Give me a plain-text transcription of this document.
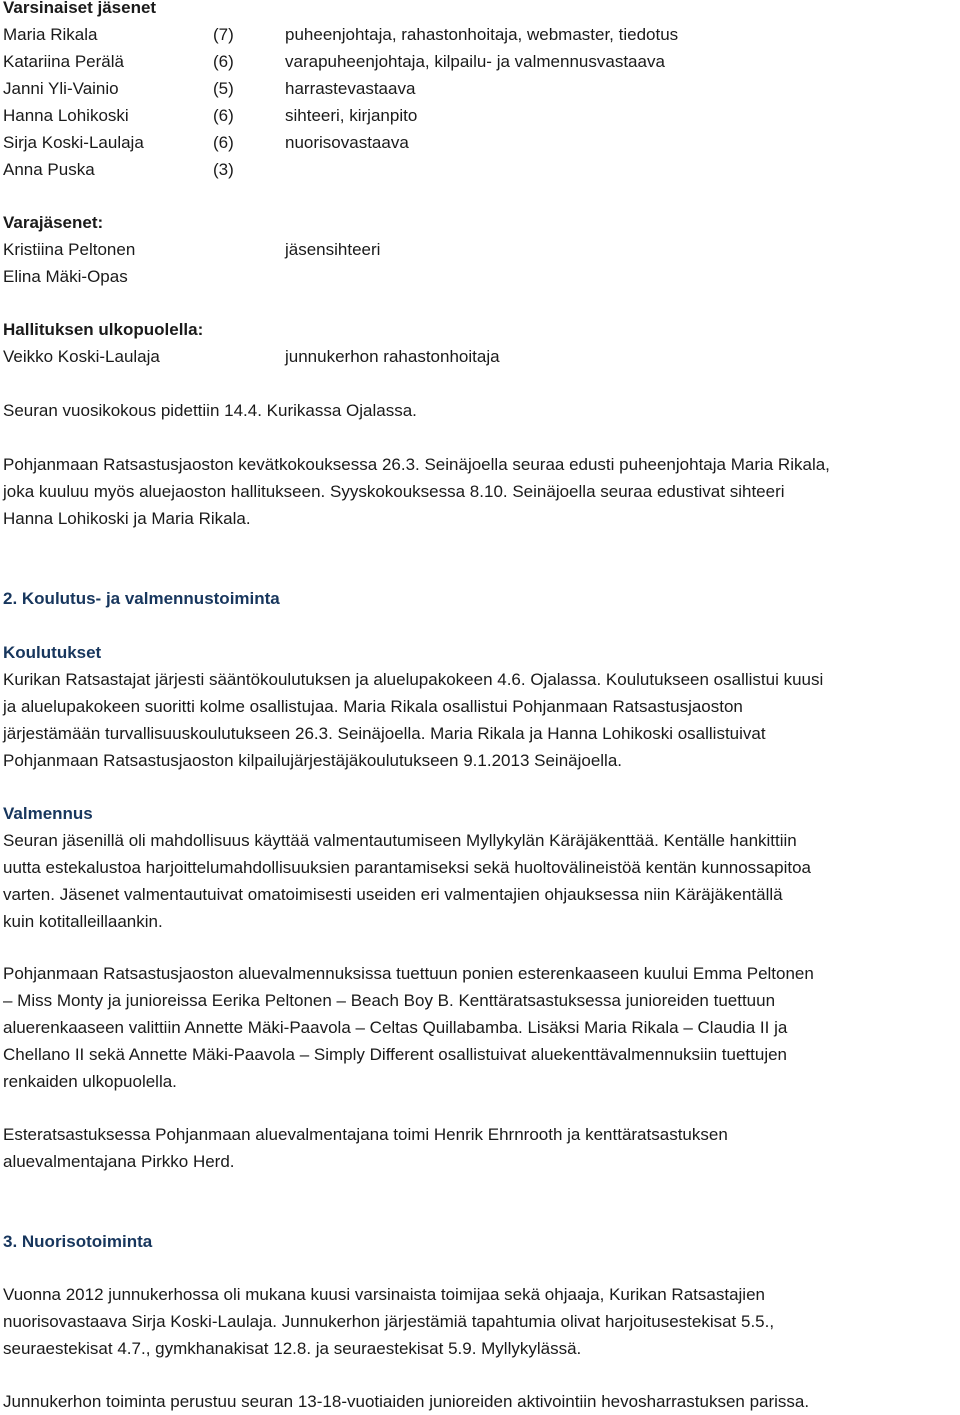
Varsinaiset jäsenet
Maria Rikala	(7)	puheenjohtaja, rahastonhoitaja, webmaster, tiedotus
Katariina Perälä	(6)	varapuheenjohtaja, kilpailu- ja valmennusvastaava
Janni Yli-Vainio	(5)	harrastevastaava
Hanna Lohikoski	(6)	sihteeri, kirjanpito
Sirja Koski-Laulaja	(6)	nuorisovastaava
Anna Puska	(3)
Varajäsenet:
Kristiina Peltonen	jäsensihteeri
Elina Mäki-Opas
Hallituksen ulkopuolella:
Veikko Koski-Laulaja	junnukerhon rahastonhoitaja
Seuran vuosikokous pidettiin 14.4. Kurikassa Ojalassa.
Pohjanmaan Ratsastusjaoston kevätkokouksessa 26.3. Seinäjoella seuraa edusti puheenjohtaja Maria Rikala,
joka kuuluu myös aluejaoston hallitukseen. Syyskokouksessa 8.10. Seinäjoella seuraa edustivat sihteeri
Hanna Lohikoski ja Maria Rikala.
2. Koulutus- ja valmennustoiminta
Koulutukset
Kurikan Ratsastajat järjesti sääntökoulutuksen ja aluelupakokeen 4.6. Ojalassa. Koulutukseen osallistui kuusi
ja aluelupakokeen suoritti kolme osallistujaa. Maria Rikala osallistui Pohjanmaan Ratsastusjaoston
järjestämään turvallisuuskoulutukseen 26.3. Seinäjoella. Maria Rikala ja Hanna Lohikoski osallistuivat
Pohjanmaan Ratsastusjaoston kilpailujärjestäjäkoulutukseen 9.1.2013 Seinäjoella.
Valmennus
Seuran jäsenillä oli mahdollisuus käyttää valmentautumiseen Myllykylän Käräjäkenttää. Kentälle hankittiin
uutta estekalustoa harjoittelumahdollisuuksien parantamiseksi sekä huoltovälineistöä kentän kunnossapitoa
varten. Jäsenet valmentautuivat omatoimisesti useiden eri valmentajien ohjauksessa niin Käräjäkentällä
kuin kotitalleillaankin.
Pohjanmaan Ratsastusjaoston aluevalmennuksissa tuettuun ponien esterenkaaseen kuului Emma Peltonen
– Miss Monty ja junioreissa Eerika Peltonen – Beach Boy B. Kenttäratsastuksessa junioreiden tuettuun
aluerenkaaseen valittiin Annette Mäki-Paavola – Celtas Quillabamba. Lisäksi Maria Rikala – Claudia II ja
Chellano II sekä Annette Mäki-Paavola – Simply Different osallistuivat aluekenttävalmennuksiin tuettujen
renkaiden ulkopuolella.
Esteratsastuksessa Pohjanmaan aluevalmentajana toimi Henrik Ehrnrooth ja kenttäratsastuksen
aluevalmentajana Pirkko Herd.
3. Nuorisotoiminta
Vuonna 2012 junnukerhossa oli mukana kuusi varsinaista toimijaa sekä ohjaaja, Kurikan Ratsastajien
nuorisovastaava Sirja Koski-Laulaja. Junnukerhon järjestämiä tapahtumia olivat harjoitusestekisat 5.5.,
seuraestekisat 4.7., gymkhanakisat 12.8. ja seuraestekisat 5.9. Myllykylässä.
Junnukerhon toiminta perustuu seuran 13-18-vuotiaiden junioreiden aktivointiin hevosharrastuksen parissa.
